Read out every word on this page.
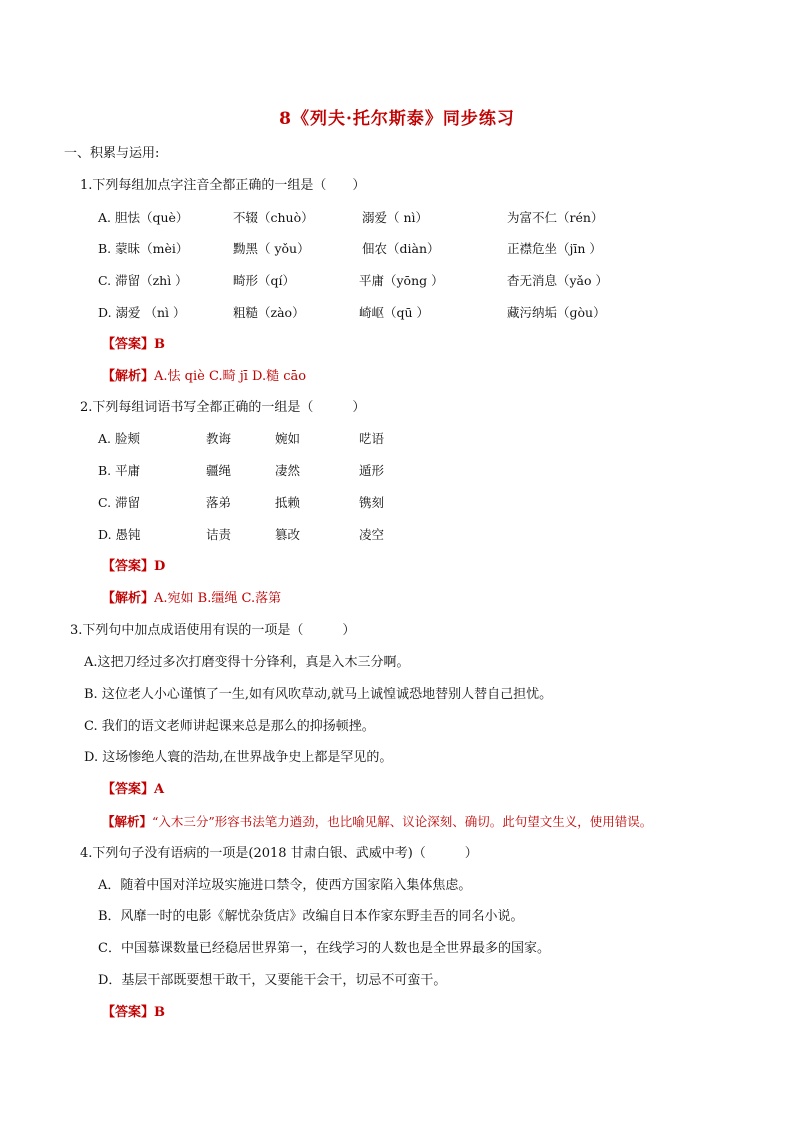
8《列夫·托尔斯泰》同步练习
一、积累与运用:
1.下列每组加点字注音全都正确的一组是（　　）
A. 胆怯（què）	不辍（chuò）	溺爱（ nì）	为富不仁（rén）
B. 蒙昧（mèi）	黝黑（ yǒu）	佃农（diàn）	正襟危坐（jīn ）
C. 滞留（zhì ）	畸形（qí）	平庸（yōng ）	杳无消息（yǎo ）
D. 溺爱 （nì ）	粗糙（zào）	崎岖（qū ）	藏污纳垢（ɡòu）
【答案】B
【解析】A.怯 qiè C.畸 jī D.糙 cāo
2.下列每组词语书写全都正确的一组是（　　　）
A. 脸颊	教诲	婉如	呓语
B. 平庸	疆绳	凄然	遁形
C. 滞留	落弟	抵赖	镌刻
D. 愚钝	诘责	篡改	凌空
【答案】D
【解析】A.宛如 B.缰绳 C.落第
3.下列句中加点成语使用有误的一项是（　　　）
A.这把刀经过多次打磨变得十分锋利，真是入木三分啊。
B. 这位老人小心谨慎了一生,如有风吹草动,就马上诚惶诚恐地替别人替自己担忧。
C. 我们的语文老师讲起课来总是那么的抑扬顿挫。
D. 这场惨绝人寰的浩劫,在世界战争史上都是罕见的。
【答案】A
【解析】“入木三分”形容书法笔力遒劲，也比喻见解、议论深刻、确切。此句望文生义，使用错误。
4.下列句子没有语病的一项是(2018 甘肃白银、武威中考)（　　　）
A．随着中国对洋垃圾实施进口禁令，使西方国家陷入集体焦虑。
B．风靡一时的电影《解忧杂货店》改编自日本作家东野圭吾的同名小说。
C．中国慕课数量已经稳居世界第一，在线学习的人数也是全世界最多的国家。
D．基层干部既要想干敢干，又要能干会干，切忌不可蛮干。
【答案】B
